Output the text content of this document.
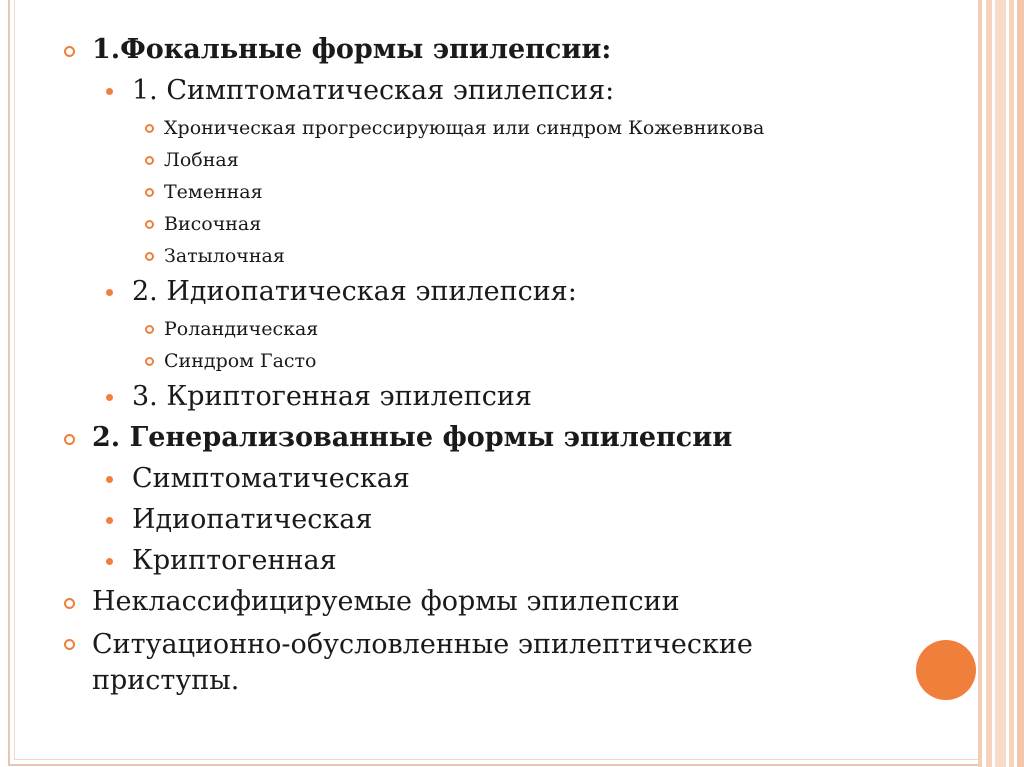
1.Фокальные формы эпилепсии:
1. Симптоматическая эпилепсия:
Хроническая прогрессирующая или синдром Кожевникова
Лобная
Теменная
Височная
Затылочная
2. Идиопатическая эпилепсия:
Роландическая
Синдром Гасто
3. Криптогенная эпилепсия
2. Генерализованные формы эпилепсии
Симптоматическая
Идиопатическая
Криптогенная
Неклассифицируемые формы эпилепсии
Ситуационно-обусловленные эпилептические приступы.
